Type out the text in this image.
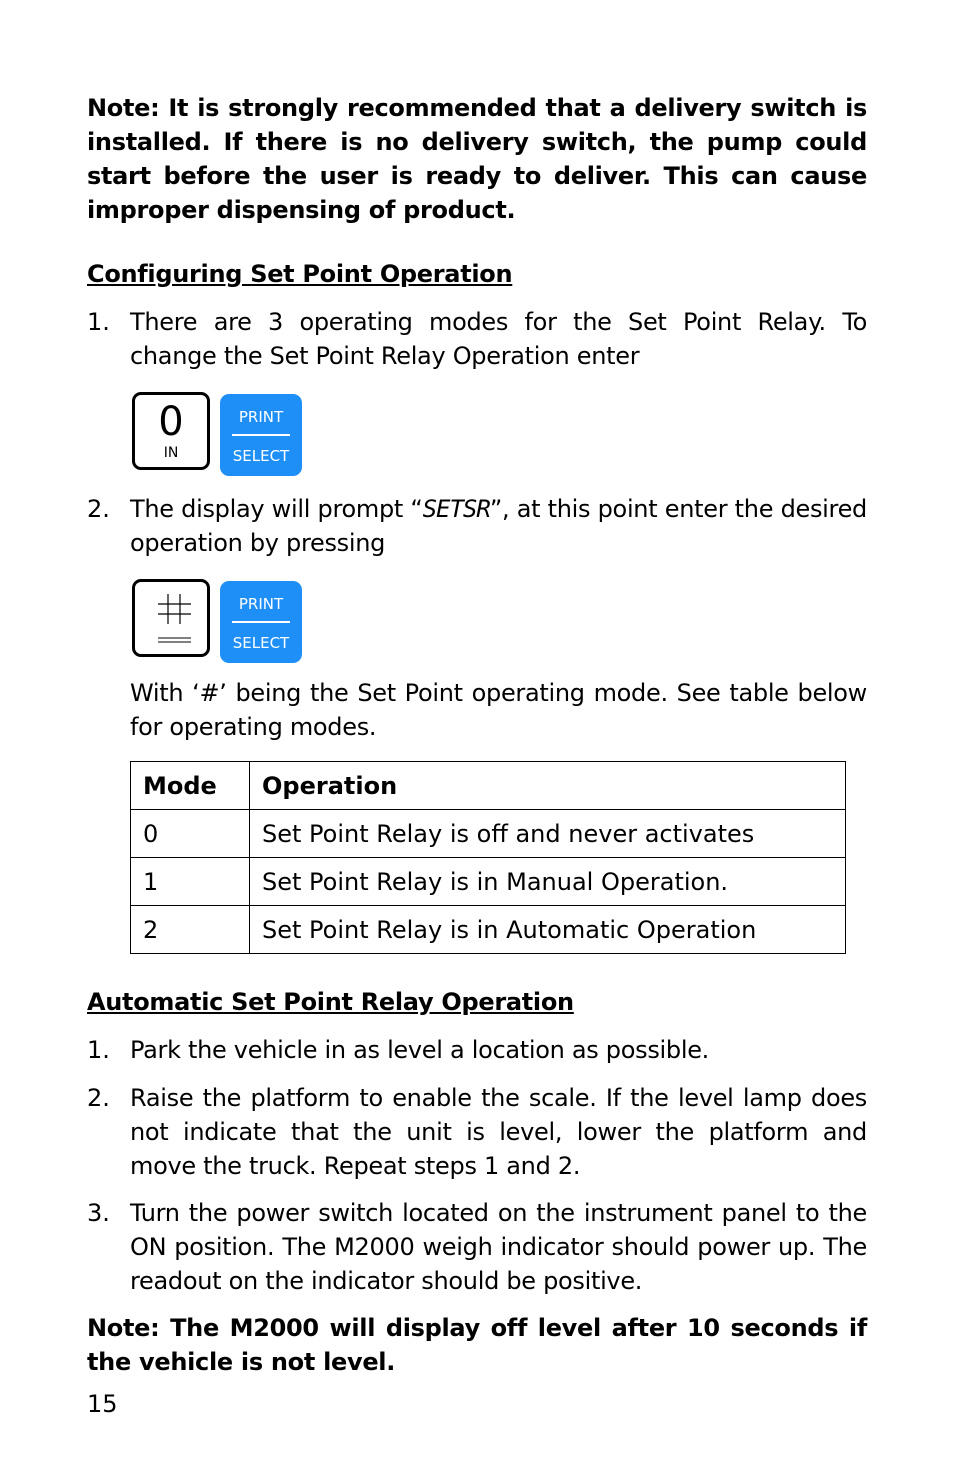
Note: It is strongly recommended that a delivery switch is installed. If there is no delivery switch, the pump could start before the user is ready to deliver. This can cause improper dispensing of product.
Configuring Set Point Operation
1. There are 3 operating modes for the Set Point Relay. To change the Set Point Relay Operation enter
0
IN
PRINT
SELECT
2. The display will prompt “SETSR”, at this point enter the desired operation by pressing
PRINT
SELECT
With ‘#’ being the Set Point operating mode. See table below for operating modes.
Mode	Operation
0	Set Point Relay is off and never activates
1	Set Point Relay is in Manual Operation.
2	Set Point Relay is in Automatic Operation
Automatic Set Point Relay Operation
1. Park the vehicle in as level a location as possible.
2. Raise the platform to enable the scale. If the level lamp does not indicate that the unit is level, lower the platform and move the truck. Repeat steps 1 and 2.
3. Turn the power switch located on the instrument panel to the ON position. The M2000 weigh indicator should power up. The readout on the indicator should be positive.
Note: The M2000 will display off level after 10 seconds if the vehicle is not level.
15
